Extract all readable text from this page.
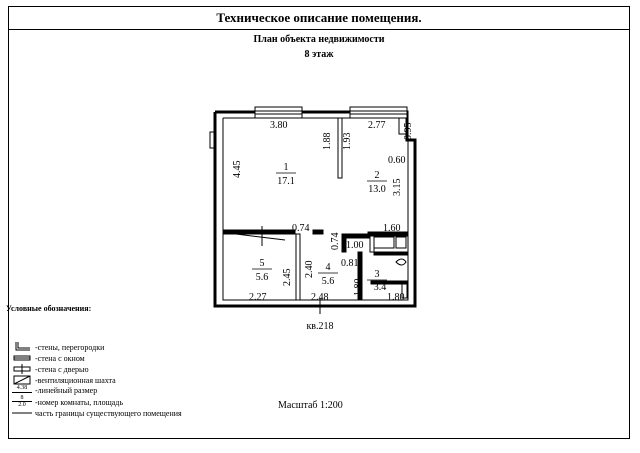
Техническое описание помещения.
План объекта недвижимости
8 этаж
1
17.1
2
13.0
3
3.4
4
5.6
5
5.6
3.80	2.77
0.60
0.74	1.60
1.00
0.81
2.27	2.48	1.80
кв.218
4.45
1.88 1.93
0.95
3.15
0.74
2.45 2.40
1.80
Условные обозначения:
-стены, перегородки
-стена с окном
-стена с дверью
-вентиляционная шахта
4.38 -линейный размер
8
2.0	-номер комнаты, площадь
часть границы существующего помещения
Масштаб 1:200
